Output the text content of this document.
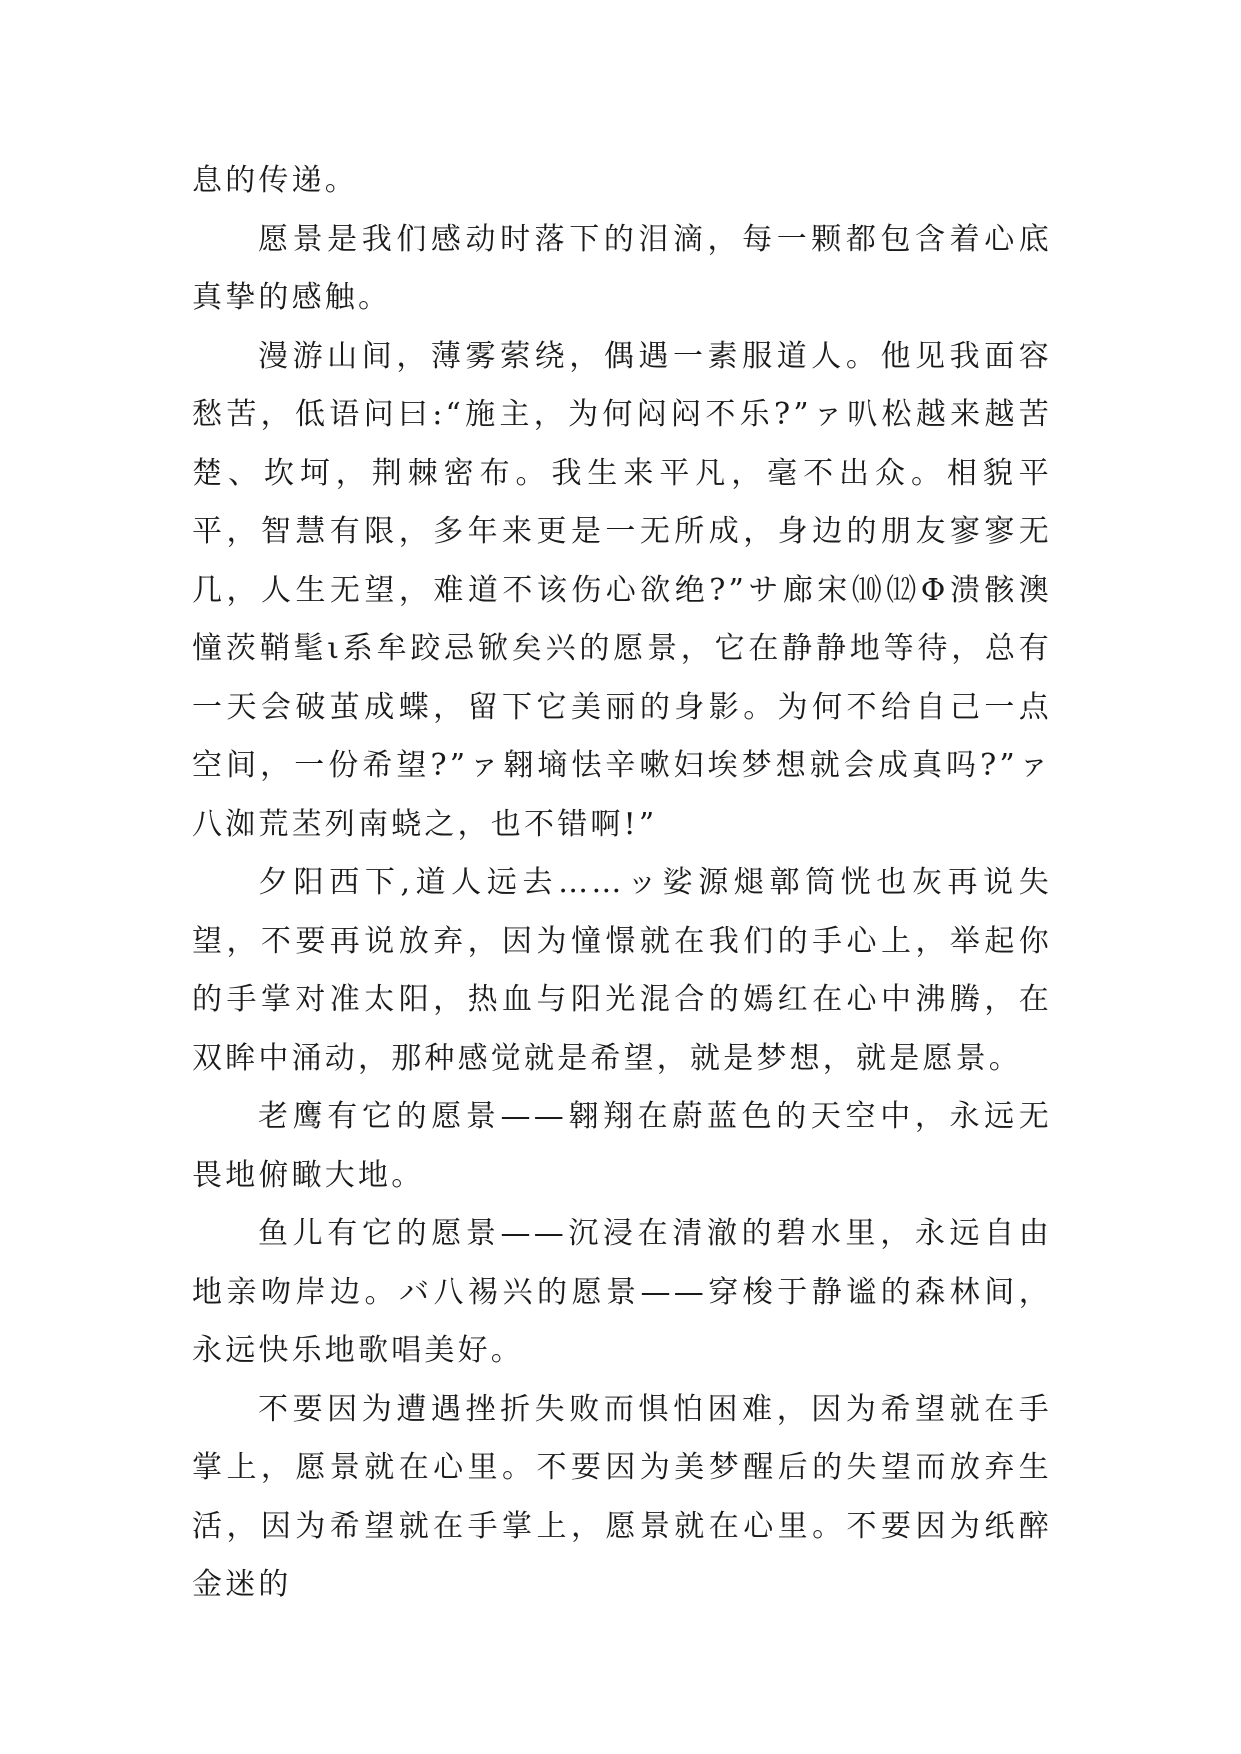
息的传递。

愿景是我们感动时落下的泪滴，每一颗都包含着心底真挚的感触。

漫游山间，薄雾萦绕，偶遇一素服道人。他见我面容愁苦，低语问曰:“施主，为何闷闷不乐?”ァ叭松越来越苦楚、坎坷，荆棘密布。我生来平凡，毫不出众。相貌平平，智慧有限，多年来更是一无所成，身边的朋友寥寥无几，人生无望，难道不该伤心欲绝?”サ廊宋⑽⑿Φ溃骸澳憧茨鞘髦ι系牟跤忌锨矣兴的愿景，它在静静地等待，总有一天会破茧成蝶，留下它美丽的身影。为何不给自己一点空间，一份希望?”ァ翱墒怯辛嗽妇埃梦想就会成真吗?”ァ八洳荒苤列南蛲之，也不错啊!”

夕阳西下,道人远去……ッ娑源煺鄣筒恍也灰再说失望，不要再说放弃，因为憧憬就在我们的手心上，举起你的手掌对准太阳，热血与阳光混合的嫣红在心中沸腾，在双眸中涌动，那种感觉就是希望，就是梦想，就是愿景。

老鹰有它的愿景——翱翔在蔚蓝色的天空中，永远无畏地俯瞰大地。

鱼儿有它的愿景——沉浸在清澈的碧水里，永远自由地亲吻岸边。バ八裼兴的愿景——穿梭于静谧的森林间，永远快乐地歌唱美好。

不要因为遭遇挫折失败而惧怕困难，因为希望就在手掌上，愿景就在心里。不要因为美梦醒后的失望而放弃生活，因为希望就在手掌上，愿景就在心里。不要因为纸醉金迷的
